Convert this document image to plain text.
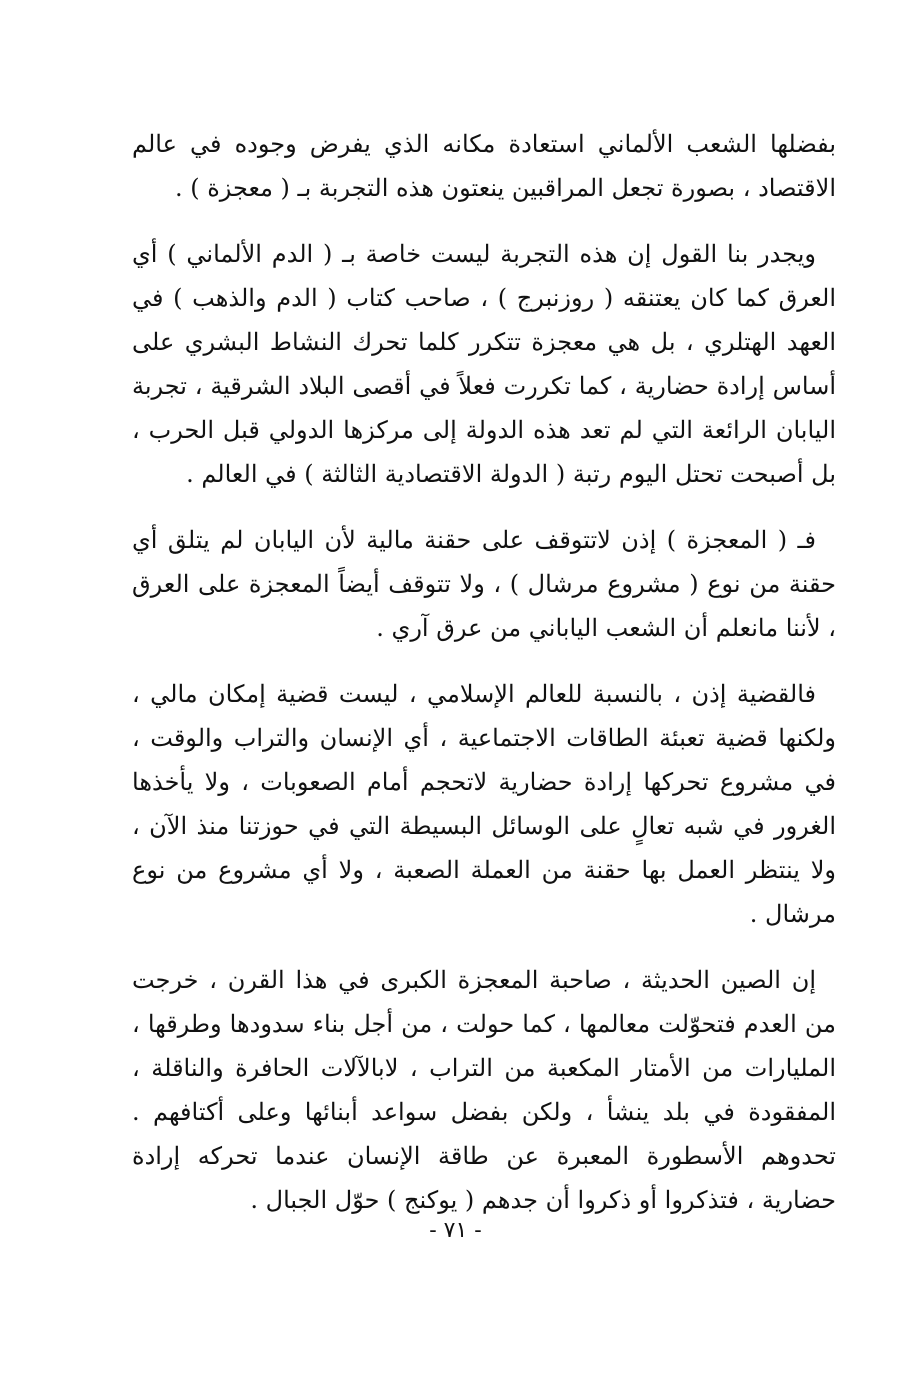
بفضلها الشعب الألماني استعادة مكانه الذي يفرض وجوده في عالم الاقتصاد ، بصورة تجعل المراقبين ينعتون هذه التجربة بـ ( معجزة ) .

ويجدر بنا القول إن هذه التجربة ليست خاصة بـ ( الدم الألماني ) أي العرق كما كان يعتنقه ( روزنبرج ) ، صاحب كتاب ( الدم والذهب ) في العهد الهتلري ، بل هي معجزة تتكرر كلما تحرك النشاط البشري على أساس إرادة حضارية ، كما تكررت فعلاً في أقصى البلاد الشرقية ، تجربة اليابان الرائعة التي لم تعد هذه الدولة إلى مركزها الدولي قبل الحرب ، بل أصبحت تحتل اليوم رتبة ( الدولة الاقتصادية الثالثة ) في العالم .

فـ ( المعجزة ) إذن لاتتوقف على حقنة مالية لأن اليابان لم يتلق أي حقنة من نوع ( مشروع مرشال ) ، ولا تتوقف أيضاً المعجزة على العرق ، لأننا مانعلم أن الشعب الياباني من عرق آري .

فالقضية إذن ، بالنسبة للعالم الإسلامي ، ليست قضية إمكان مالي ، ولكنها قضية تعبئة الطاقات الاجتماعية ، أي الإنسان والتراب والوقت ، في مشروع تحركها إرادة حضارية لاتحجم أمام الصعوبات ، ولا يأخذها الغرور في شبه تعالٍ على الوسائل البسيطة التي في حوزتنا منذ الآن ، ولا ينتظر العمل بها حقنة من العملة الصعبة ، ولا أي مشروع من نوع مرشال .

إن الصين الحديثة ، صاحبة المعجزة الكبرى في هذا القرن ، خرجت من العدم فتحوّلت معالمها ، كما حولت ، من أجل بناء سدودها وطرقها ، المليارات من الأمتار المكعبة من التراب ، لابالآلات الحافرة والناقلة ، المفقودة في بلد ينشأ ، ولكن بفضل سواعد أبنائها وعلى أكتافهم . تحدوهم الأسطورة المعبرة عن طاقة الإنسان عندما تحركه إرادة حضارية ، فتذكروا أو ذكروا أن جدهم ( يوكنج ) حوّل الجبال .

- ٧١ -
